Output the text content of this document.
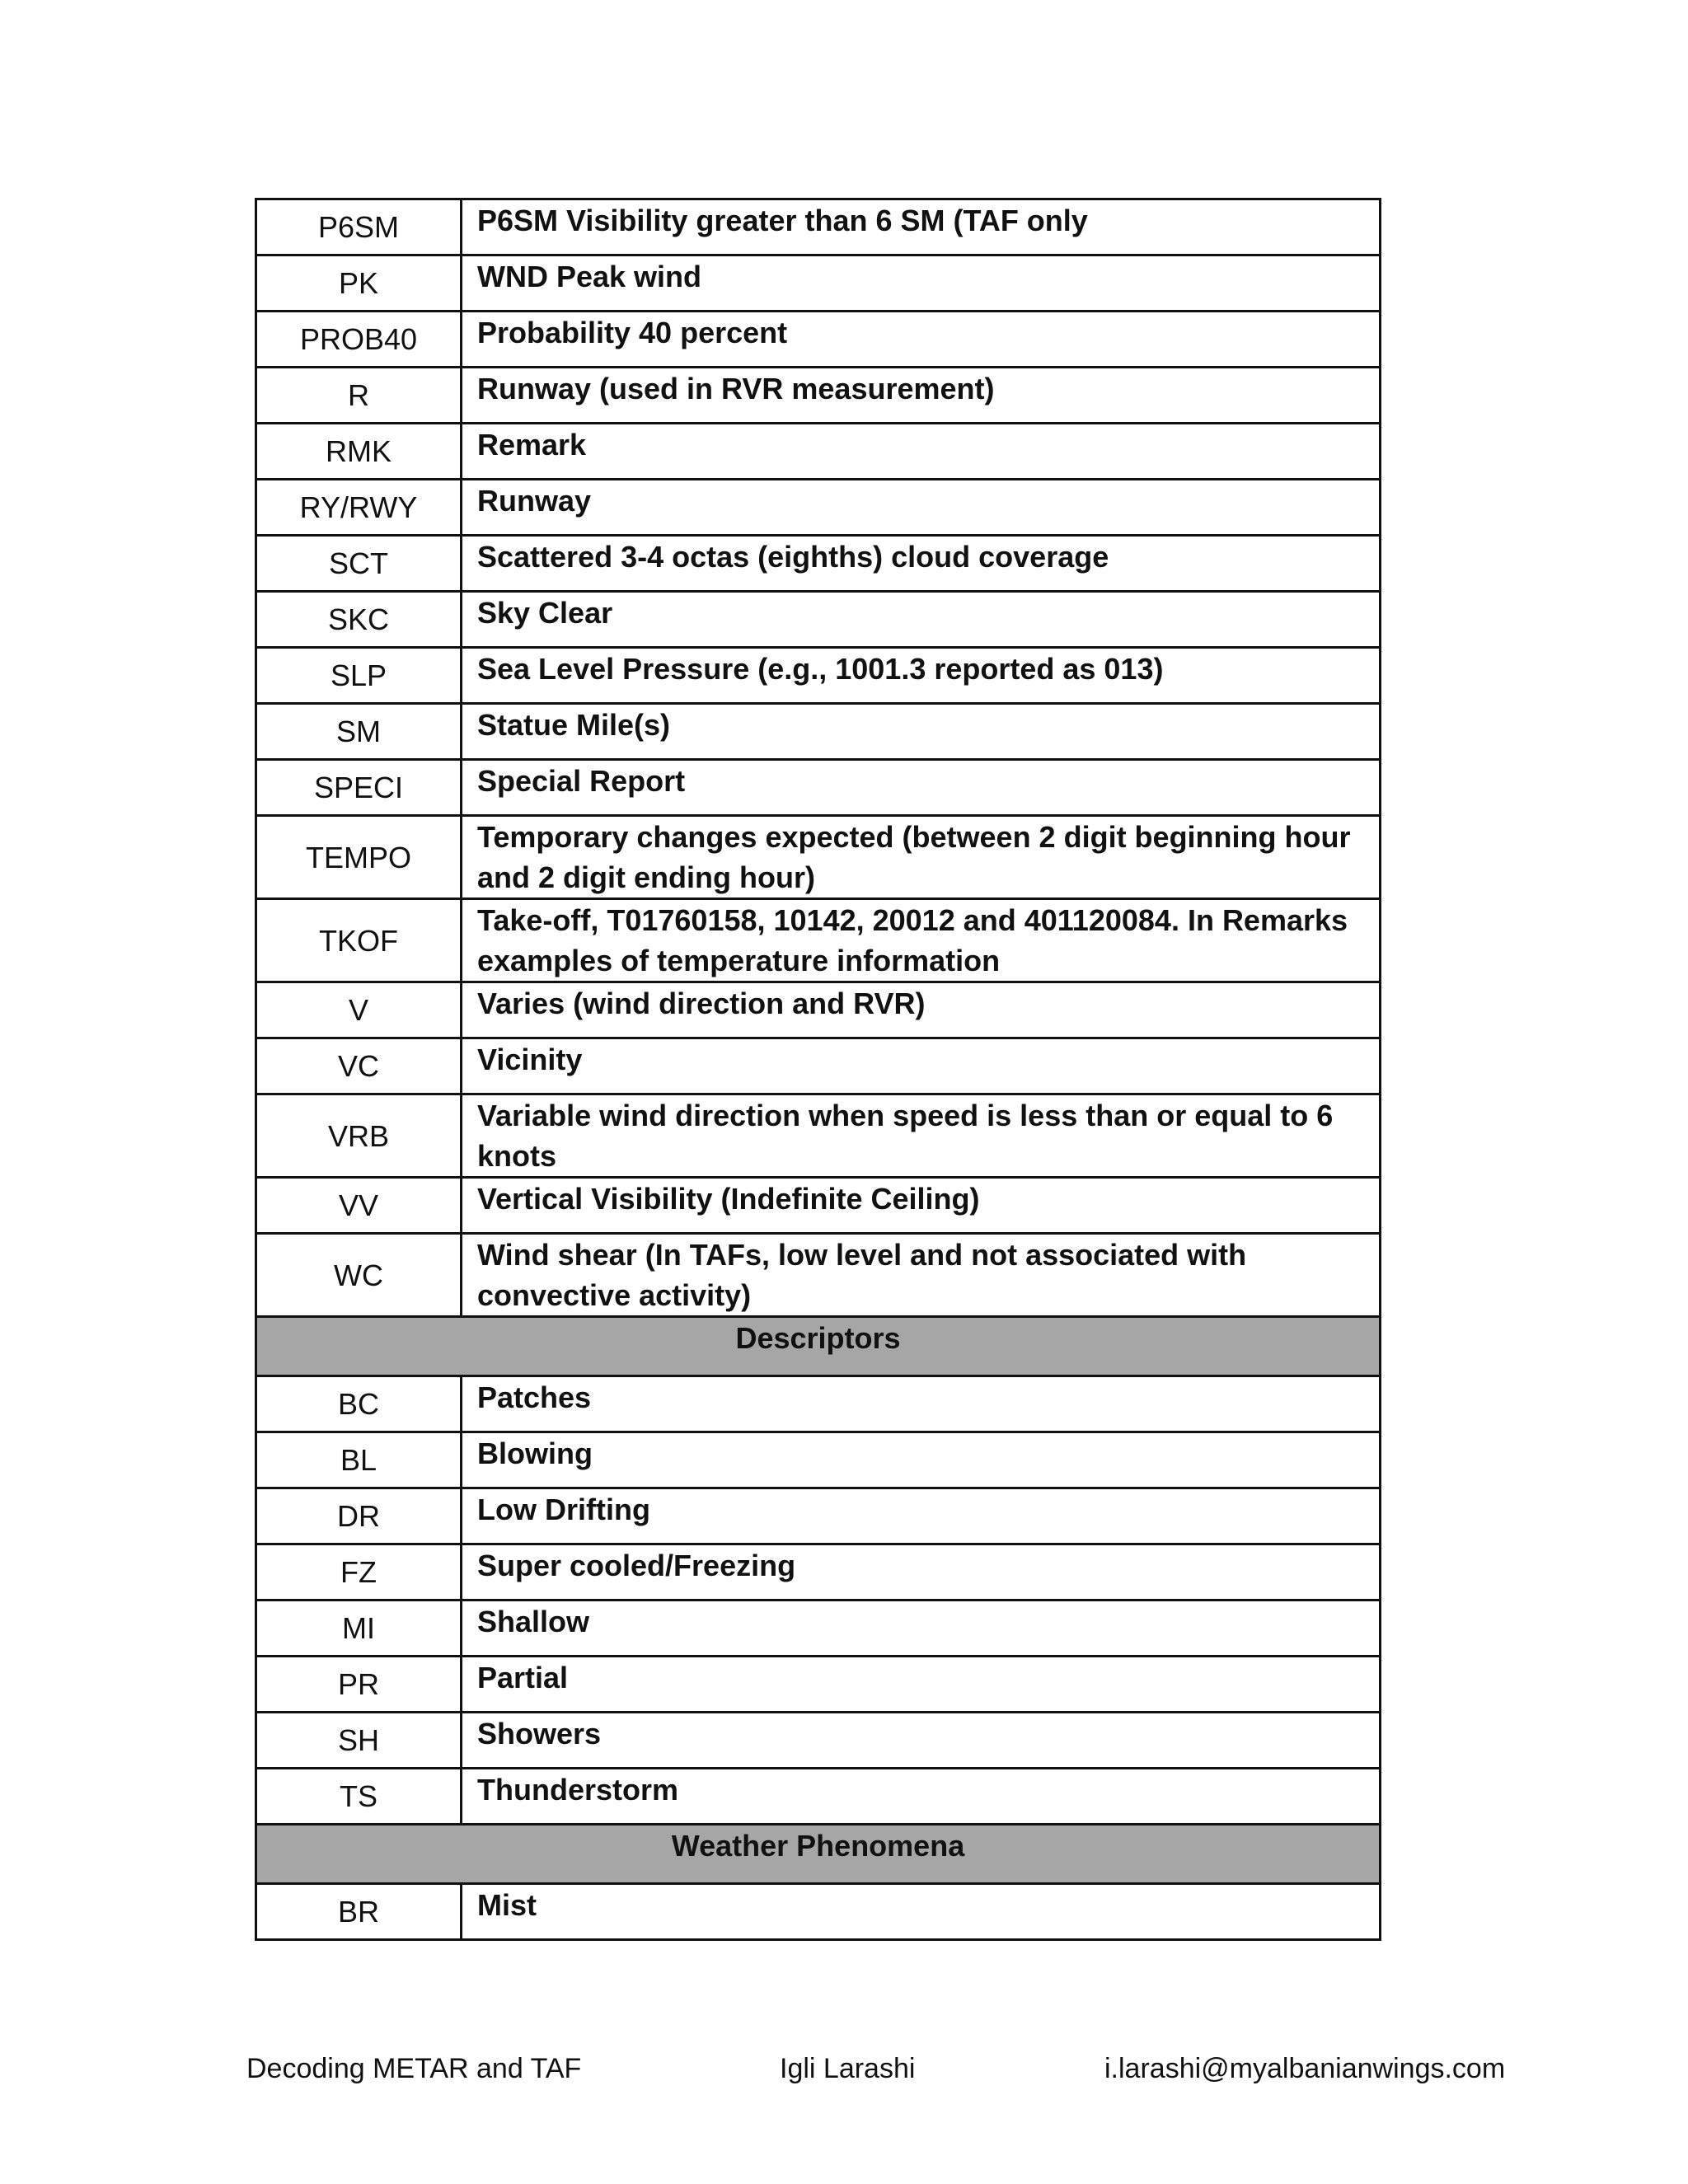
P6SM	P6SM Visibility greater than 6 SM (TAF only
PK	WND Peak wind
PROB40	Probability 40 percent
R	Runway (used in RVR measurement)
RMK	Remark
RY/RWY	Runway
SCT	Scattered 3-4 octas (eighths) cloud coverage
SKC	Sky Clear
SLP	Sea Level Pressure (e.g., 1001.3 reported as 013)
SM	Statue Mile(s)
SPECI	Special Report
TEMPO	Temporary changes expected (between 2 digit beginning hour and 2 digit ending hour)
TKOF	Take-off, T01760158, 10142, 20012 and 401120084. In Remarks examples of temperature information
V	Varies (wind direction and RVR)
VC	Vicinity
VRB	Variable wind direction when speed is less than or equal to 6 knots
VV	Vertical Visibility (Indefinite Ceiling)
WC	Wind shear (In TAFs, low level and not associated with convective activity)
Descriptors	
BC	Patches
BL	Blowing
DR	Low Drifting
FZ	Super cooled/Freezing
MI	Shallow
PR	Partial
SH	Showers
TS	Thunderstorm
Weather Phenomena	
BR	Mist
Decoding METAR and TAF	Igli Larashi	i.larashi@myalbanianwings.com
